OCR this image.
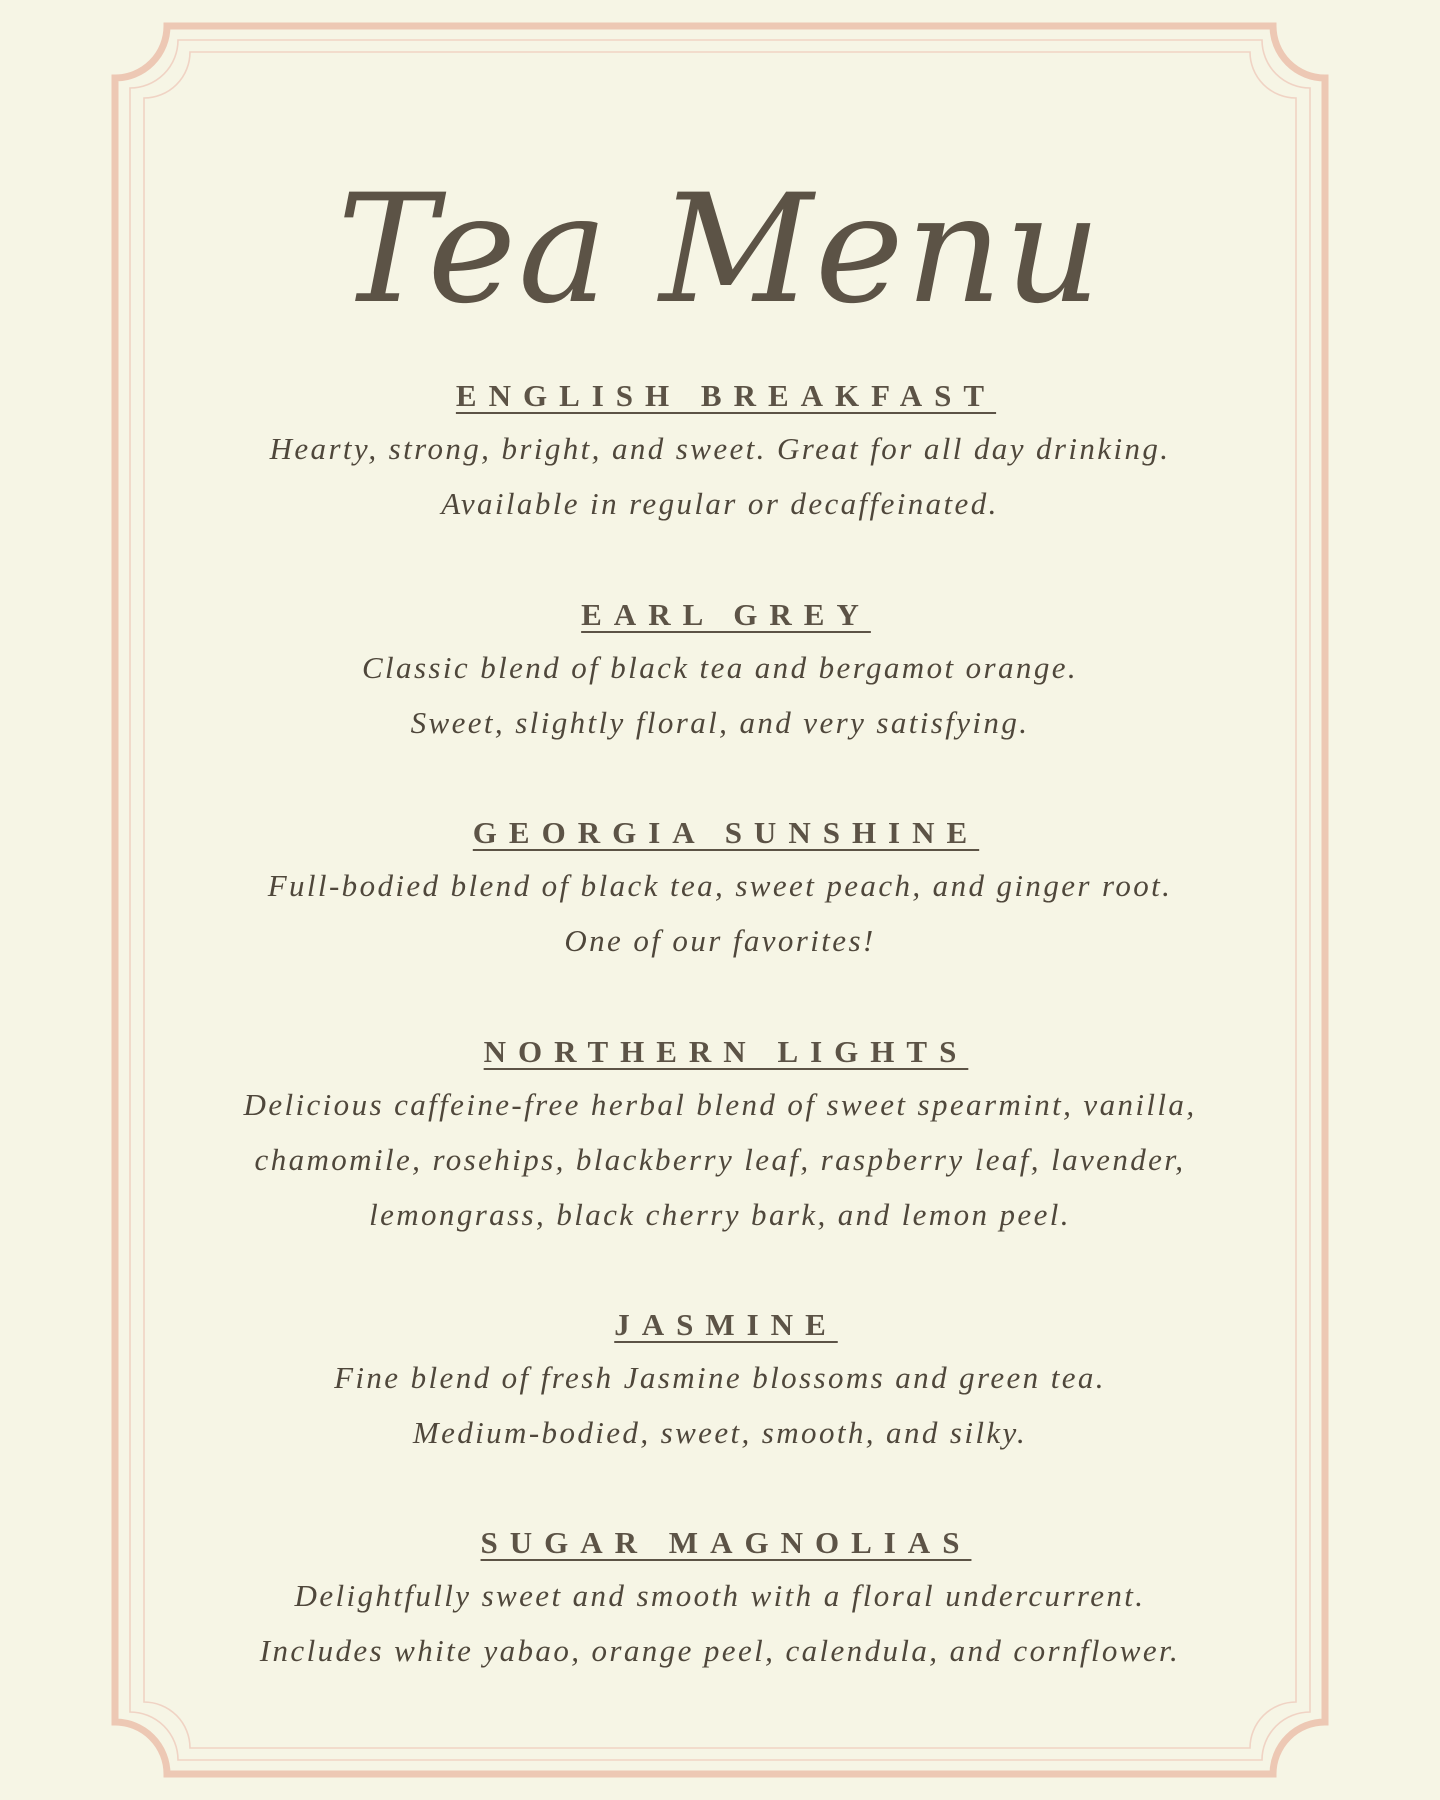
Tea Menu
ENGLISH BREAKFAST
Hearty, strong, bright, and sweet. Great for all day drinking.
Available in regular or decaffeinated.
EARL GREY
Classic blend of black tea and bergamot orange.
Sweet, slightly floral, and very satisfying.
GEORGIA SUNSHINE
Full-bodied blend of black tea, sweet peach, and ginger root.
One of our favorites!
NORTHERN LIGHTS
Delicious caffeine-free herbal blend of sweet spearmint, vanilla,
chamomile, rosehips, blackberry leaf, raspberry leaf, lavender,
lemongrass, black cherry bark, and lemon peel.
JASMINE
Fine blend of fresh Jasmine blossoms and green tea.
Medium-bodied, sweet, smooth, and silky.
SUGAR MAGNOLIAS
Delightfully sweet and smooth with a floral undercurrent.
Includes white yabao, orange peel, calendula, and cornflower.
